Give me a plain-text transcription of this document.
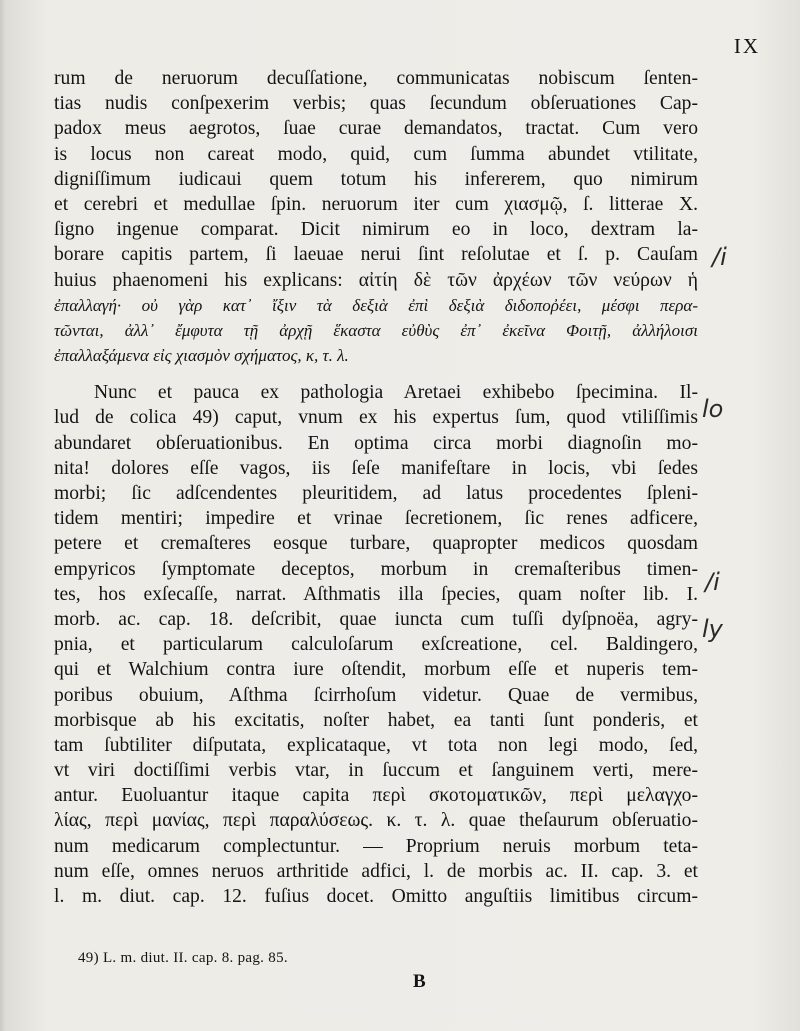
IX
rum de neruorum decuſſatione, communicatas nobiscum ſenten-
tias nudis conſpexerim verbis; quas ſecundum obſeruationes Cap-
padox meus aegrotos, ſuae curae demandatos, tractat. Cum vero
is locus non careat modo, quid, cum ſumma abundet vtilitate,
digniſſimum iudicaui quem totum his infererem, quo nimirum
et cerebri et medullae ſpin. neruorum iter cum χιασμῷ, ſ. litterae X.
ſigno ingenue comparat. Dicit nimirum eo in loco, dextram la-
borare capitis partem, ſi laeuae nerui ſint reſolutae et ſ. p. Cauſam
huius phaenomeni his explicans: αἰτίη δὲ τῶν ἀρχέων τῶν νεύρων ἡ
ἐπαλλαγή· οὐ γὰρ κατ᾽ ἴξιν τὰ δεξιὰ ἐπὶ δεξιὰ διδοποῤέει, μέσφι περα-
τῶνται, ἀλλ᾽ ἔμφυτα τῇ ἀρχῇ ἕκαστα εὐθὺς ἐπ᾽ ἐκεῖνα Φοιτῇ, ἀλλήλοισι
ἐπαλλαξάμενα εἰς χιασμὸν σχήματος, κ, τ. λ.
Nunc et pauca ex pathologia Aretaei exhibebo ſpecimina. Il-
lud de colica 49) caput, vnum ex his expertus ſum, quod vtiliſſimis
abundaret obſeruationibus. En optima circa morbi diagnoſin mo-
nita! dolores eſſe vagos, iis ſeſe manifeſtare in locis, vbi ſedes
morbi; ſic adſcendentes pleuritidem, ad latus procedentes ſpleni-
tidem mentiri; impedire et vrinae ſecretionem, ſic renes adficere,
petere et cremaſteres eosque turbare, quapropter medicos quosdam
empyricos ſymptomate deceptos, morbum in cremaſteribus timen-
tes, hos exſecaſſe, narrat. Aſthmatis illa ſpecies, quam noſter lib. I.
morb. ac. cap. 18. deſcribit, quae iuncta cum tuſſi dyſpnoëa, agry-
pnia, et particularum calculoſarum exſcreatione, cel. Baldingero,
qui et Walchium contra iure oſtendit, morbum eſſe et nuperis tem-
poribus obuium, Aſthma ſcirrhoſum videtur. Quae de vermibus,
morbisque ab his excitatis, noſter habet, ea tanti ſunt ponderis, et
tam ſubtiliter diſputata, explicataque, vt tota non legi modo, ſed,
vt viri doctiſſimi verbis vtar, in ſuccum et ſanguinem verti, mere-
antur. Euoluantur itaque capita περὶ σκοτοματικῶν, περὶ μελαγχο-
λίας, περὶ μανίας, περὶ παραλύσεως. κ. τ. λ. quae theſaurum obſeruatio-
num medicarum complectuntur. — Proprium neruis morbum teta-
num eſſe, omnes neruos arthritide adfici, l. de morbis ac. II. cap. 3. et
l. m. diut. cap. 12. fuſius docet. Omitto anguſtiis limitibus circum-
/i
lo
/i
ly
49) L. m. diut. II. cap. 8. pag. 85.
B
